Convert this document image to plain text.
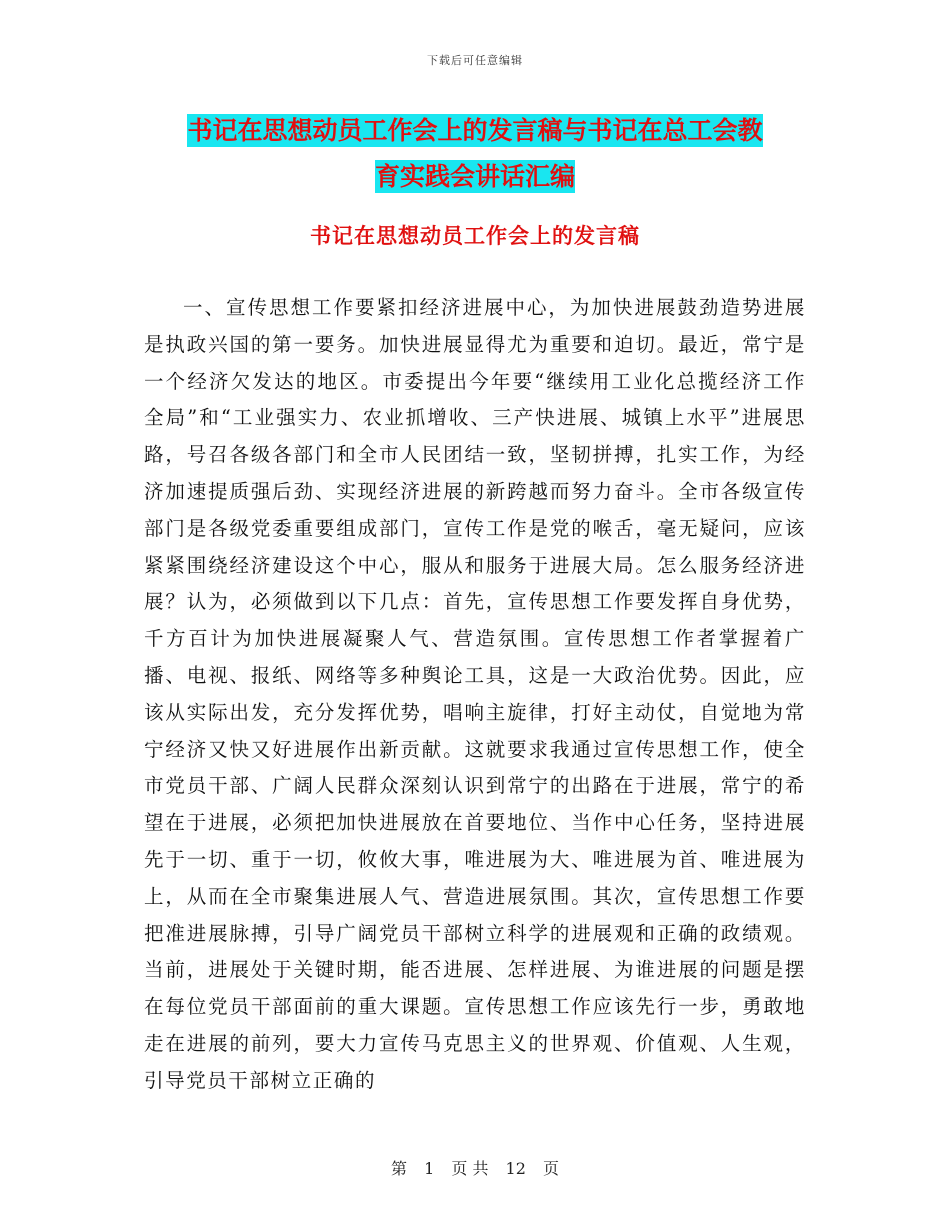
下载后可任意编辑
书记在思想动员工作会上的发言稿与书记在总工会教
育实践会讲话汇编
书记在思想动员工作会上的发言稿

一、宣传思想工作要紧扣经济进展中心，为加快进展鼓劲造势进展是执政兴国的第一要务。加快进展显得尤为重要和迫切。最近，常宁是一个经济欠发达的地区。市委提出今年要“继续用工业化总揽经济工作全局”和“工业强实力、农业抓增收、三产快进展、城镇上水平”进展思路，号召各级各部门和全市人民团结一致，坚韧拼搏，扎实工作，为经济加速提质强后劲、实现经济进展的新跨越而努力奋斗。全市各级宣传部门是各级党委重要组成部门，宣传工作是党的喉舌，毫无疑问，应该紧紧围绕经济建设这个中心，服从和服务于进展大局。怎么服务经济进展？认为，必须做到以下几点：首先，宣传思想工作要发挥自身优势，千方百计为加快进展凝聚人气、营造氛围。宣传思想工作者掌握着广播、电视、报纸、网络等多种舆论工具，这是一大政治优势。因此，应该从实际出发，充分发挥优势，唱响主旋律，打好主动仗，自觉地为常宁经济又快又好进展作出新贡献。这就要求我通过宣传思想工作，使全市党员干部、广阔人民群众深刻认识到常宁的出路在于进展，常宁的希望在于进展，必须把加快进展放在首要地位、当作中心任务，坚持进展先于一切、重于一切，攸攸大事，唯进展为大、唯进展为首、唯进展为上，从而在全市聚集进展人气、营造进展氛围。其次，宣传思想工作要把准进展脉搏，引导广阔党员干部树立科学的进展观和正确的政绩观。当前，进展处于关键时期，能否进展、怎样进展、为谁进展的问题是摆在每位党员干部面前的重大课题。宣传思想工作应该先行一步，勇敢地走在进展的前列，要大力宣传马克思主义的世界观、价值观、人生观，引导党员干部树立正确的

第 1 页 共 12 页
